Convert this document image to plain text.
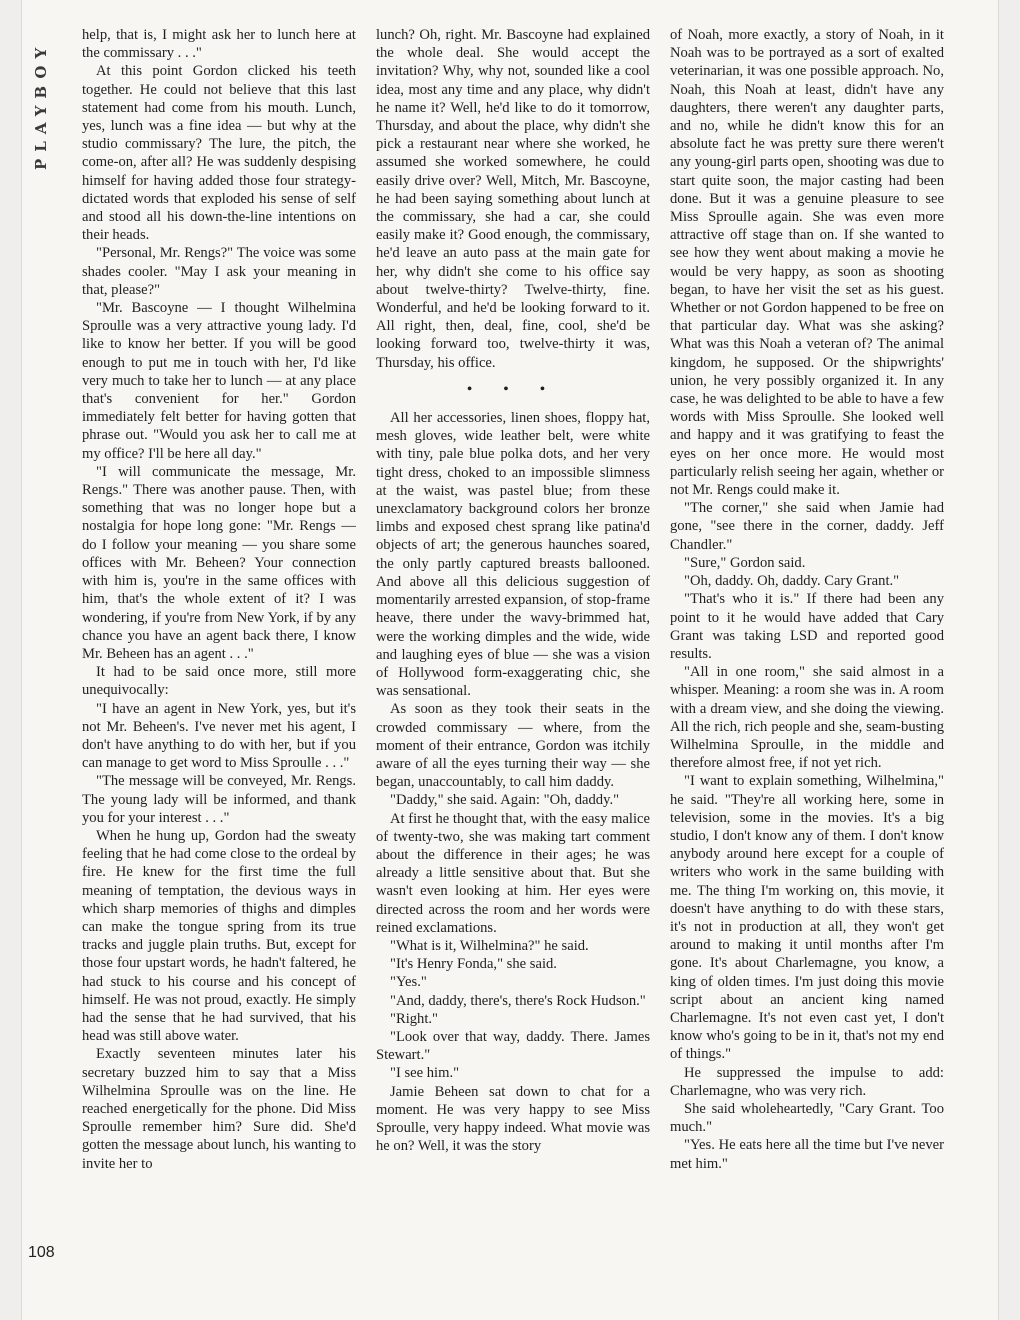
PLAYBOY

help, that is, I might ask her to lunch here at the commissary . . ."

At this point Gordon clicked his teeth together. He could not believe that this last statement had come from his mouth. Lunch, yes, lunch was a fine idea — but why at the studio commissary? The lure, the pitch, the come-on, after all? He was suddenly despising himself for having added those four strategy-dictated words that exploded his sense of self and stood all his down-the-line intentions on their heads.

"Personal, Mr. Rengs?" The voice was some shades cooler. "May I ask your meaning in that, please?"

"Mr. Bascoyne — I thought Wilhelmina Sproulle was a very attractive young lady. I'd like to know her better. If you will be good enough to put me in touch with her, I'd like very much to take her to lunch — at any place that's convenient for her." Gordon immediately felt better for having gotten that phrase out. "Would you ask her to call me at my office? I'll be here all day."

"I will communicate the message, Mr. Rengs." There was another pause. Then, with something that was no longer hope but a nostalgia for hope long gone: "Mr. Rengs — do I follow your meaning — you share some offices with Mr. Beheen? Your connection with him is, you're in the same offices with him, that's the whole extent of it? I was wondering, if you're from New York, if by any chance you have an agent back there, I know Mr. Beheen has an agent . . ."

It had to be said once more, still more unequivocally:

"I have an agent in New York, yes, but it's not Mr. Beheen's. I've never met his agent, I don't have anything to do with her, but if you can manage to get word to Miss Sproulle . . ."

"The message will be conveyed, Mr. Rengs. The young lady will be informed, and thank you for your interest . . ."

When he hung up, Gordon had the sweaty feeling that he had come close to the ordeal by fire. He knew for the first time the full meaning of temptation, the devious ways in which sharp memories of thighs and dimples can make the tongue spring from its true tracks and juggle plain truths. But, except for those four upstart words, he hadn't faltered, he had stuck to his course and his concept of himself. He was not proud, exactly. He simply had the sense that he had survived, that his head was still above water.

Exactly seventeen minutes later his secretary buzzed him to say that a Miss Wilhelmina Sproulle was on the line. He reached energetically for the phone. Did Miss Sproulle remember him? Sure did. She'd gotten the message about lunch, his wanting to invite her to

lunch? Oh, right. Mr. Bascoyne had explained the whole deal. She would accept the invitation? Why, why not, sounded like a cool idea, most any time and any place, why didn't he name it? Well, he'd like to do it tomorrow, Thursday, and about the place, why didn't she pick a restaurant near where she worked, he assumed she worked somewhere, he could easily drive over? Well, Mitch, Mr. Bascoyne, he had been saying something about lunch at the commissary, she had a car, she could easily make it? Good enough, the commissary, he'd leave an auto pass at the main gate for her, why didn't she come to his office say about twelve-thirty? Twelve-thirty, fine. Wonderful, and he'd be looking forward to it. All right, then, deal, fine, cool, she'd be looking forward too, twelve-thirty it was, Thursday, his office.

• • •

All her accessories, linen shoes, floppy hat, mesh gloves, wide leather belt, were white with tiny, pale blue polka dots, and her very tight dress, choked to an impossible slimness at the waist, was pastel blue; from these unexclamatory background colors her bronze limbs and exposed chest sprang like patina'd objects of art; the generous haunches soared, the only partly captured breasts ballooned. And above all this delicious suggestion of momentarily arrested expansion, of stop-frame heave, there under the wavy-brimmed hat, were the working dimples and the wide, wide and laughing eyes of blue — she was a vision of Hollywood form-exaggerating chic, she was sensational.

As soon as they took their seats in the crowded commissary — where, from the moment of their entrance, Gordon was itchily aware of all the eyes turning their way — she began, unaccountably, to call him daddy.

"Daddy," she said. Again: "Oh, daddy."

At first he thought that, with the easy malice of twenty-two, she was making tart comment about the difference in their ages; he was already a little sensitive about that. But she wasn't even looking at him. Her eyes were directed across the room and her words were reined exclamations.

"What is it, Wilhelmina?" he said.

"It's Henry Fonda," she said.

"Yes."

"And, daddy, there's, there's Rock Hudson."

"Right."

"Look over that way, daddy. There. James Stewart."

"I see him."

Jamie Beheen sat down to chat for a moment. He was very happy to see Miss Sproulle, very happy indeed. What movie was he on? Well, it was the story

of Noah, more exactly, a story of Noah, in it Noah was to be portrayed as a sort of exalted veterinarian, it was one possible approach. No, Noah, this Noah at least, didn't have any daughters, there weren't any daughter parts, and no, while he didn't know this for an absolute fact he was pretty sure there weren't any young-girl parts open, shooting was due to start quite soon, the major casting had been done. But it was a genuine pleasure to see Miss Sproulle again. She was even more attractive off stage than on. If she wanted to see how they went about making a movie he would be very happy, as soon as shooting began, to have her visit the set as his guest. Whether or not Gordon happened to be free on that particular day. What was she asking? What was this Noah a veteran of? The animal kingdom, he supposed. Or the shipwrights' union, he very possibly organized it. In any case, he was delighted to be able to have a few words with Miss Sproulle. She looked well and happy and it was gratifying to feast the eyes on her once more. He would most particularly relish seeing her again, whether or not Mr. Rengs could make it.

"The corner," she said when Jamie had gone, "see there in the corner, daddy. Jeff Chandler."

"Sure," Gordon said.

"Oh, daddy. Oh, daddy. Cary Grant."

"That's who it is." If there had been any point to it he would have added that Cary Grant was taking LSD and reported good results.

"All in one room," she said almost in a whisper. Meaning: a room she was in. A room with a dream view, and she doing the viewing. All the rich, rich people and she, seam-busting Wilhelmina Sproulle, in the middle and therefore almost free, if not yet rich.

"I want to explain something, Wilhelmina," he said. "They're all working here, some in television, some in the movies. It's a big studio, I don't know any of them. I don't know anybody around here except for a couple of writers who work in the same building with me. The thing I'm working on, this movie, it doesn't have anything to do with these stars, it's not in production at all, they won't get around to making it until months after I'm gone. It's about Charlemagne, you know, a king of olden times. I'm just doing this movie script about an ancient king named Charlemagne. It's not even cast yet, I don't know who's going to be in it, that's not my end of things."

He suppressed the impulse to add: Charlemagne, who was very rich.

She said wholeheartedly, "Cary Grant. Too much."

"Yes. He eats here all the time but I've never met him."

108
